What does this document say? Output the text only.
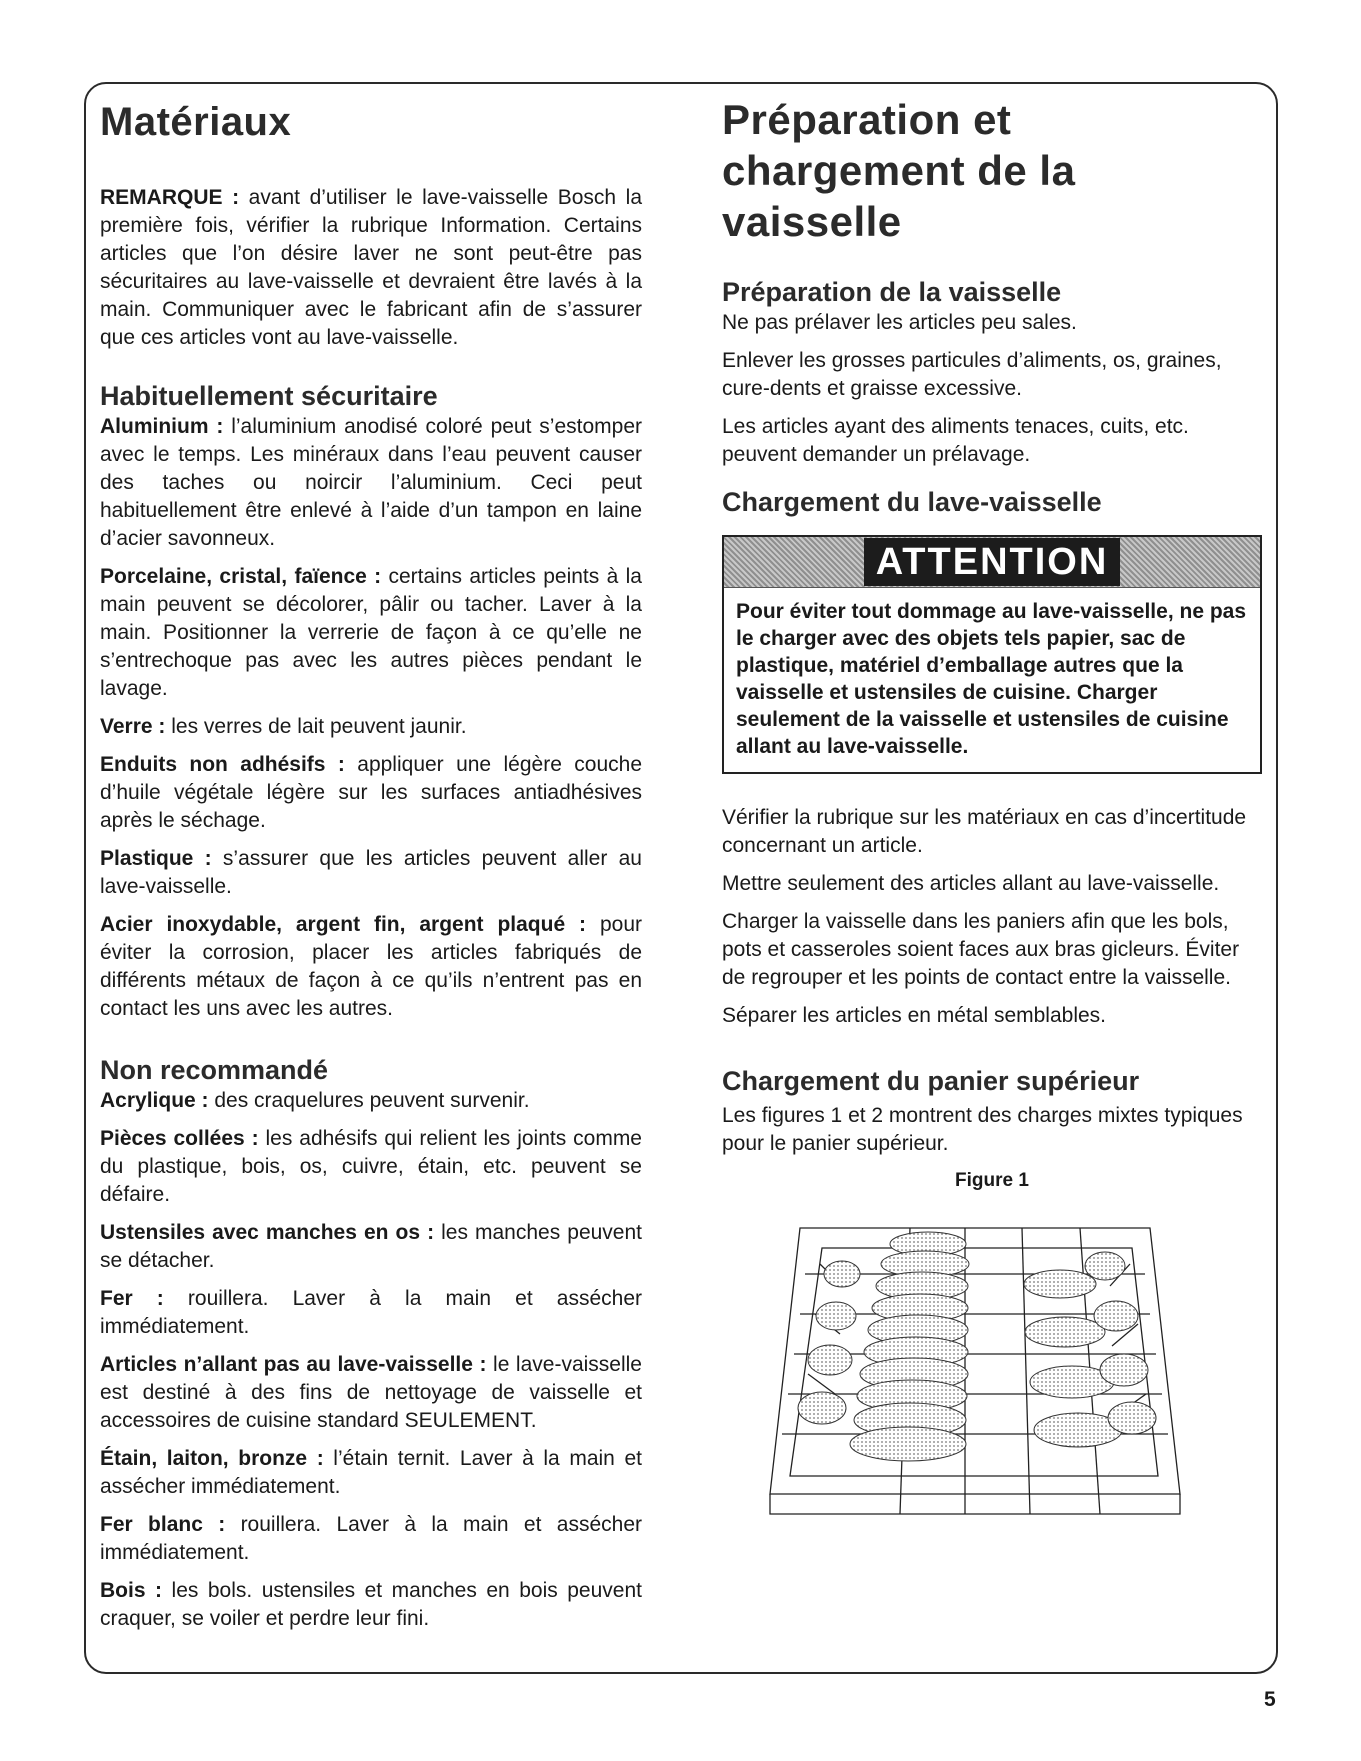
Matériaux

REMARQUE : avant d’utiliser le lave-vaisselle Bosch la première fois, vérifier la rubrique Information. Certains articles que l’on désire laver ne sont peut-être pas sécuritaires au lave-vaisselle et devraient être lavés à la main. Communiquer avec le fabricant afin de s’assurer que ces articles vont au lave-vaisselle.

Habituellement sécuritaire

Aluminium : l’aluminium anodisé coloré peut s’estomper avec le temps. Les minéraux dans l’eau peuvent causer des taches ou noircir l’aluminium. Ceci peut habituellement être enlevé à l’aide d’un tampon en laine d’acier savonneux.

Porcelaine, cristal, faïence : certains articles peints à la main peuvent se décolorer, pâlir ou tacher. Laver à la main. Positionner la verrerie de façon à ce qu’elle ne s’entrechoque pas avec les autres pièces pendant le lavage.

Verre : les verres de lait peuvent jaunir.

Enduits non adhésifs : appliquer une légère couche d’huile végétale légère sur les surfaces antiadhésives après le séchage.

Plastique : s’assurer que les articles peuvent aller au lave-vaisselle.

Acier inoxydable, argent fin, argent plaqué : pour éviter la corrosion, placer les articles fabriqués de différents métaux de façon à ce qu’ils n’entrent pas en contact les uns avec les autres.

Non recommandé

Acrylique : des craquelures peuvent survenir.

Pièces collées : les adhésifs qui relient les joints comme du plastique, bois, os, cuivre, étain, etc. peuvent se défaire.

Ustensiles avec manches en os : les manches peuvent se détacher.

Fer : rouillera. Laver à la main et assécher immédiatement.

Articles n’allant pas au lave-vaisselle : le lave-vaisselle est destiné à des fins de nettoyage de vaisselle et accessoires de cuisine standard SEULEMENT.

Étain, laiton, bronze : l’étain ternit. Laver à la main et assécher immédiatement.

Fer blanc : rouillera. Laver à la main et assécher immédiatement.

Bois : les bols. ustensiles et manches en bois peuvent craquer, se voiler et perdre leur fini.

Préparation et
chargement de la
vaisselle
Préparation de la vaisselle

Ne pas prélaver les articles peu sales.

Enlever les grosses particules d’aliments, os, graines, cure-dents et graisse excessive.

Les articles ayant des aliments tenaces, cuits, etc. peuvent demander un prélavage.

Chargement du lave-vaisselle
ATTENTION
Pour éviter tout dommage au lave-vaisselle, ne pas le charger avec des objets tels papier, sac de plastique, matériel d’emballage autres que la vaisselle et ustensiles de cuisine. Charger seulement de la vaisselle et ustensiles de cuisine allant au lave-vaisselle.

Vérifier la rubrique sur les matériaux en cas d’incertitude concernant un article.

Mettre seulement des articles allant au lave-vaisselle.

Charger la vaisselle dans les paniers afin que les bols, pots et casseroles soient faces aux bras gicleurs. Éviter de regrouper et les points de contact entre la vaisselle.

Séparer les articles en métal semblables.

Chargement du panier supérieur

Les figures 1 et 2 montrent des charges mixtes typiques pour le panier supérieur.

Figure 1
5
